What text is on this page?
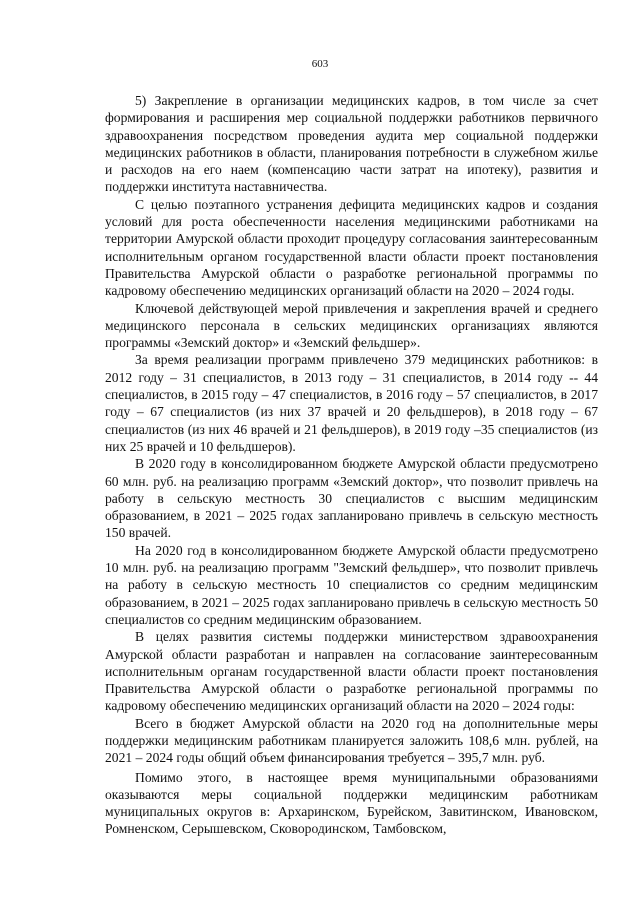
603

5) Закрепление в организации медицинских кадров, в том числе за счет формирования и расширения мер социальной поддержки работников первичного здравоохранения посредством проведения аудита мер социальной поддержки медицинских работников в области, планирования потребности в служебном жилье и расходов на его наем (компенсацию части затрат на ипотеку), развития и поддержки института наставничества.

С целью поэтапного устранения дефицита медицинских кадров и создания условий для роста обеспеченности населения медицинскими работниками на территории Амурской области проходит процедуру согласования заинтересованным исполнительным органом государственной власти области проект постановления Правительства Амурской области о разработке региональной программы по кадровому обеспечению медицинских организаций области на 2020 – 2024 годы.

Ключевой действующей мерой привлечения и закрепления врачей и среднего медицинского персонала в сельских медицинских организациях являются программы «Земский доктор» и «Земский фельдшер».

За время реализации программ привлечено 379 медицинских работников: в 2012 году – 31 специалистов, в 2013 году – 31 специалистов, в 2014 году -- 44 специалистов, в 2015 году – 47 специалистов, в 2016 году – 57 специалистов, в 2017 году – 67 специалистов (из них 37 врачей и 20 фельдшеров), в 2018 году – 67 специалистов (из них 46 врачей и 21 фельдшеров), в 2019 году –35 специалистов (из них 25 врачей и 10 фельдшеров).

В 2020 году в консолидированном бюджете Амурской области предусмотрено 60 млн. руб. на реализацию программ «Земский доктор», что позволит привлечь на работу в сельскую местность 30 специалистов с высшим медицинским образованием, в 2021 – 2025 годах запланировано привлечь в сельскую местность 150 врачей.

На 2020 год в консолидированном бюджете Амурской области предусмотрено 10 млн. руб. на реализацию программ "Земский фельдшер», что позволит привлечь на работу в сельскую местность 10 специалистов со средним медицинским образованием, в 2021 – 2025 годах запланировано привлечь в сельскую местность 50 специалистов со средним медицинским образованием.

В целях развития системы поддержки министерством здравоохранения Амурской области разработан и направлен на согласование заинтересованным исполнительным органам государственной власти области проект постановления Правительства Амурской области о разработке региональной программы по кадровому обеспечению медицинских организаций области на 2020 – 2024 годы:

Всего в бюджет Амурской области на 2020 год на дополнительные меры поддержки медицинским работникам планируется заложить 108,6 млн. рублей, на 2021 – 2024 годы общий объем финансирования требуется – 395,7 млн. руб.

Помимо этого, в настоящее время муниципальными образованиями оказываются меры социальной поддержки медицинским работникам муниципальных округов в: Архаринском, Бурейском, Завитинском, Ивановском, Ромненском, Серышевском, Сковородинском, Тамбовском,
